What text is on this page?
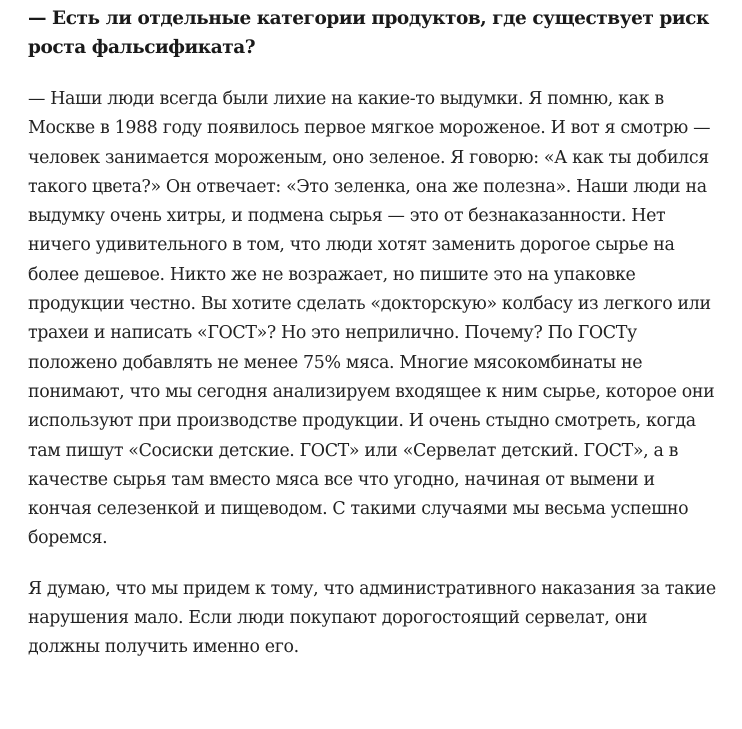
— Есть ли отдельные категории продуктов, где существует риск роста фальсификата?

— Наши люди всегда были лихие на какие-то выдумки. Я помню, как в Москве в 1988 году появилось первое мягкое мороженое. И вот я смотрю — человек занимается мороженым, оно зеленое. Я говорю: «А как ты добился такого цвета?» Он отвечает: «Это зеленка, она же полезна». Наши люди на выдумку очень хитры, и подмена сырья — это от безнаказанности. Нет ничего удивительного в том, что люди хотят заменить дорогое сырье на более дешевое. Никто же не возражает, но пишите это на упаковке продукции честно. Вы хотите сделать «докторскую» колбасу из легкого или трахеи и написать «ГОСТ»? Но это неприлично. Почему? По ГОСТу положено добавлять не менее 75% мяса. Многие мясокомбинаты не понимают, что мы сегодня анализируем входящее к ним сырье, которое они используют при производстве продукции. И очень стыдно смотреть, когда там пишут «Сосиски детские. ГОСТ» или «Сервелат детский. ГОСТ», а в качестве сырья там вместо мяса все что угодно, начиная от вымени и кончая селезенкой и пищеводом. С такими случаями мы весьма успешно боремся.

Я думаю, что мы придем к тому, что административного наказания за такие нарушения мало. Если люди покупают дорогостоящий сервелат, они должны получить именно его.
